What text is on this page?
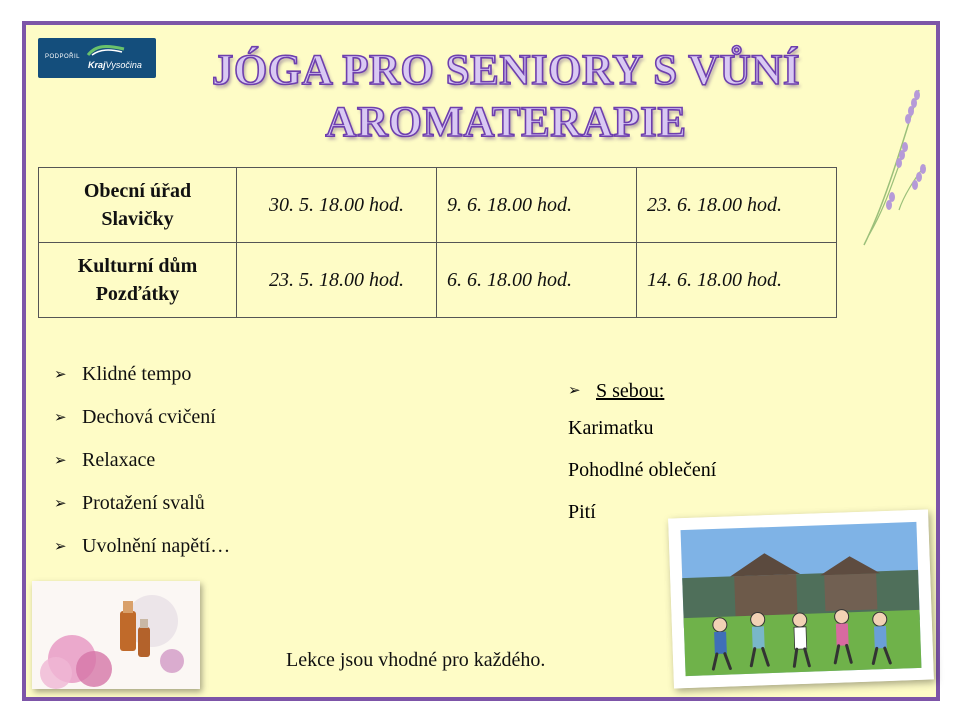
PODPOŘIL
KrajVysočina	JÓGA PRO SENIORY S VŮNÍ
AROMATERAPIE
Obecní úřad
Slavičky	30. 5. 18.00 hod.	9. 6. 18.00 hod.	23. 6. 18.00 hod.
Kulturní dům
Pozďátky	23. 5. 18.00 hod.	6. 6. 18.00 hod.	14. 6. 18.00 hod.
➢ Klidné tempo
➢ Dechová cvičení
➢ Relaxace
➢ Protažení svalů
➢ Uvolnění napětí…
➢ S sebou:
Karimatku
Pohodlné oblečení
Pití
Lekce jsou vhodné pro každého.
